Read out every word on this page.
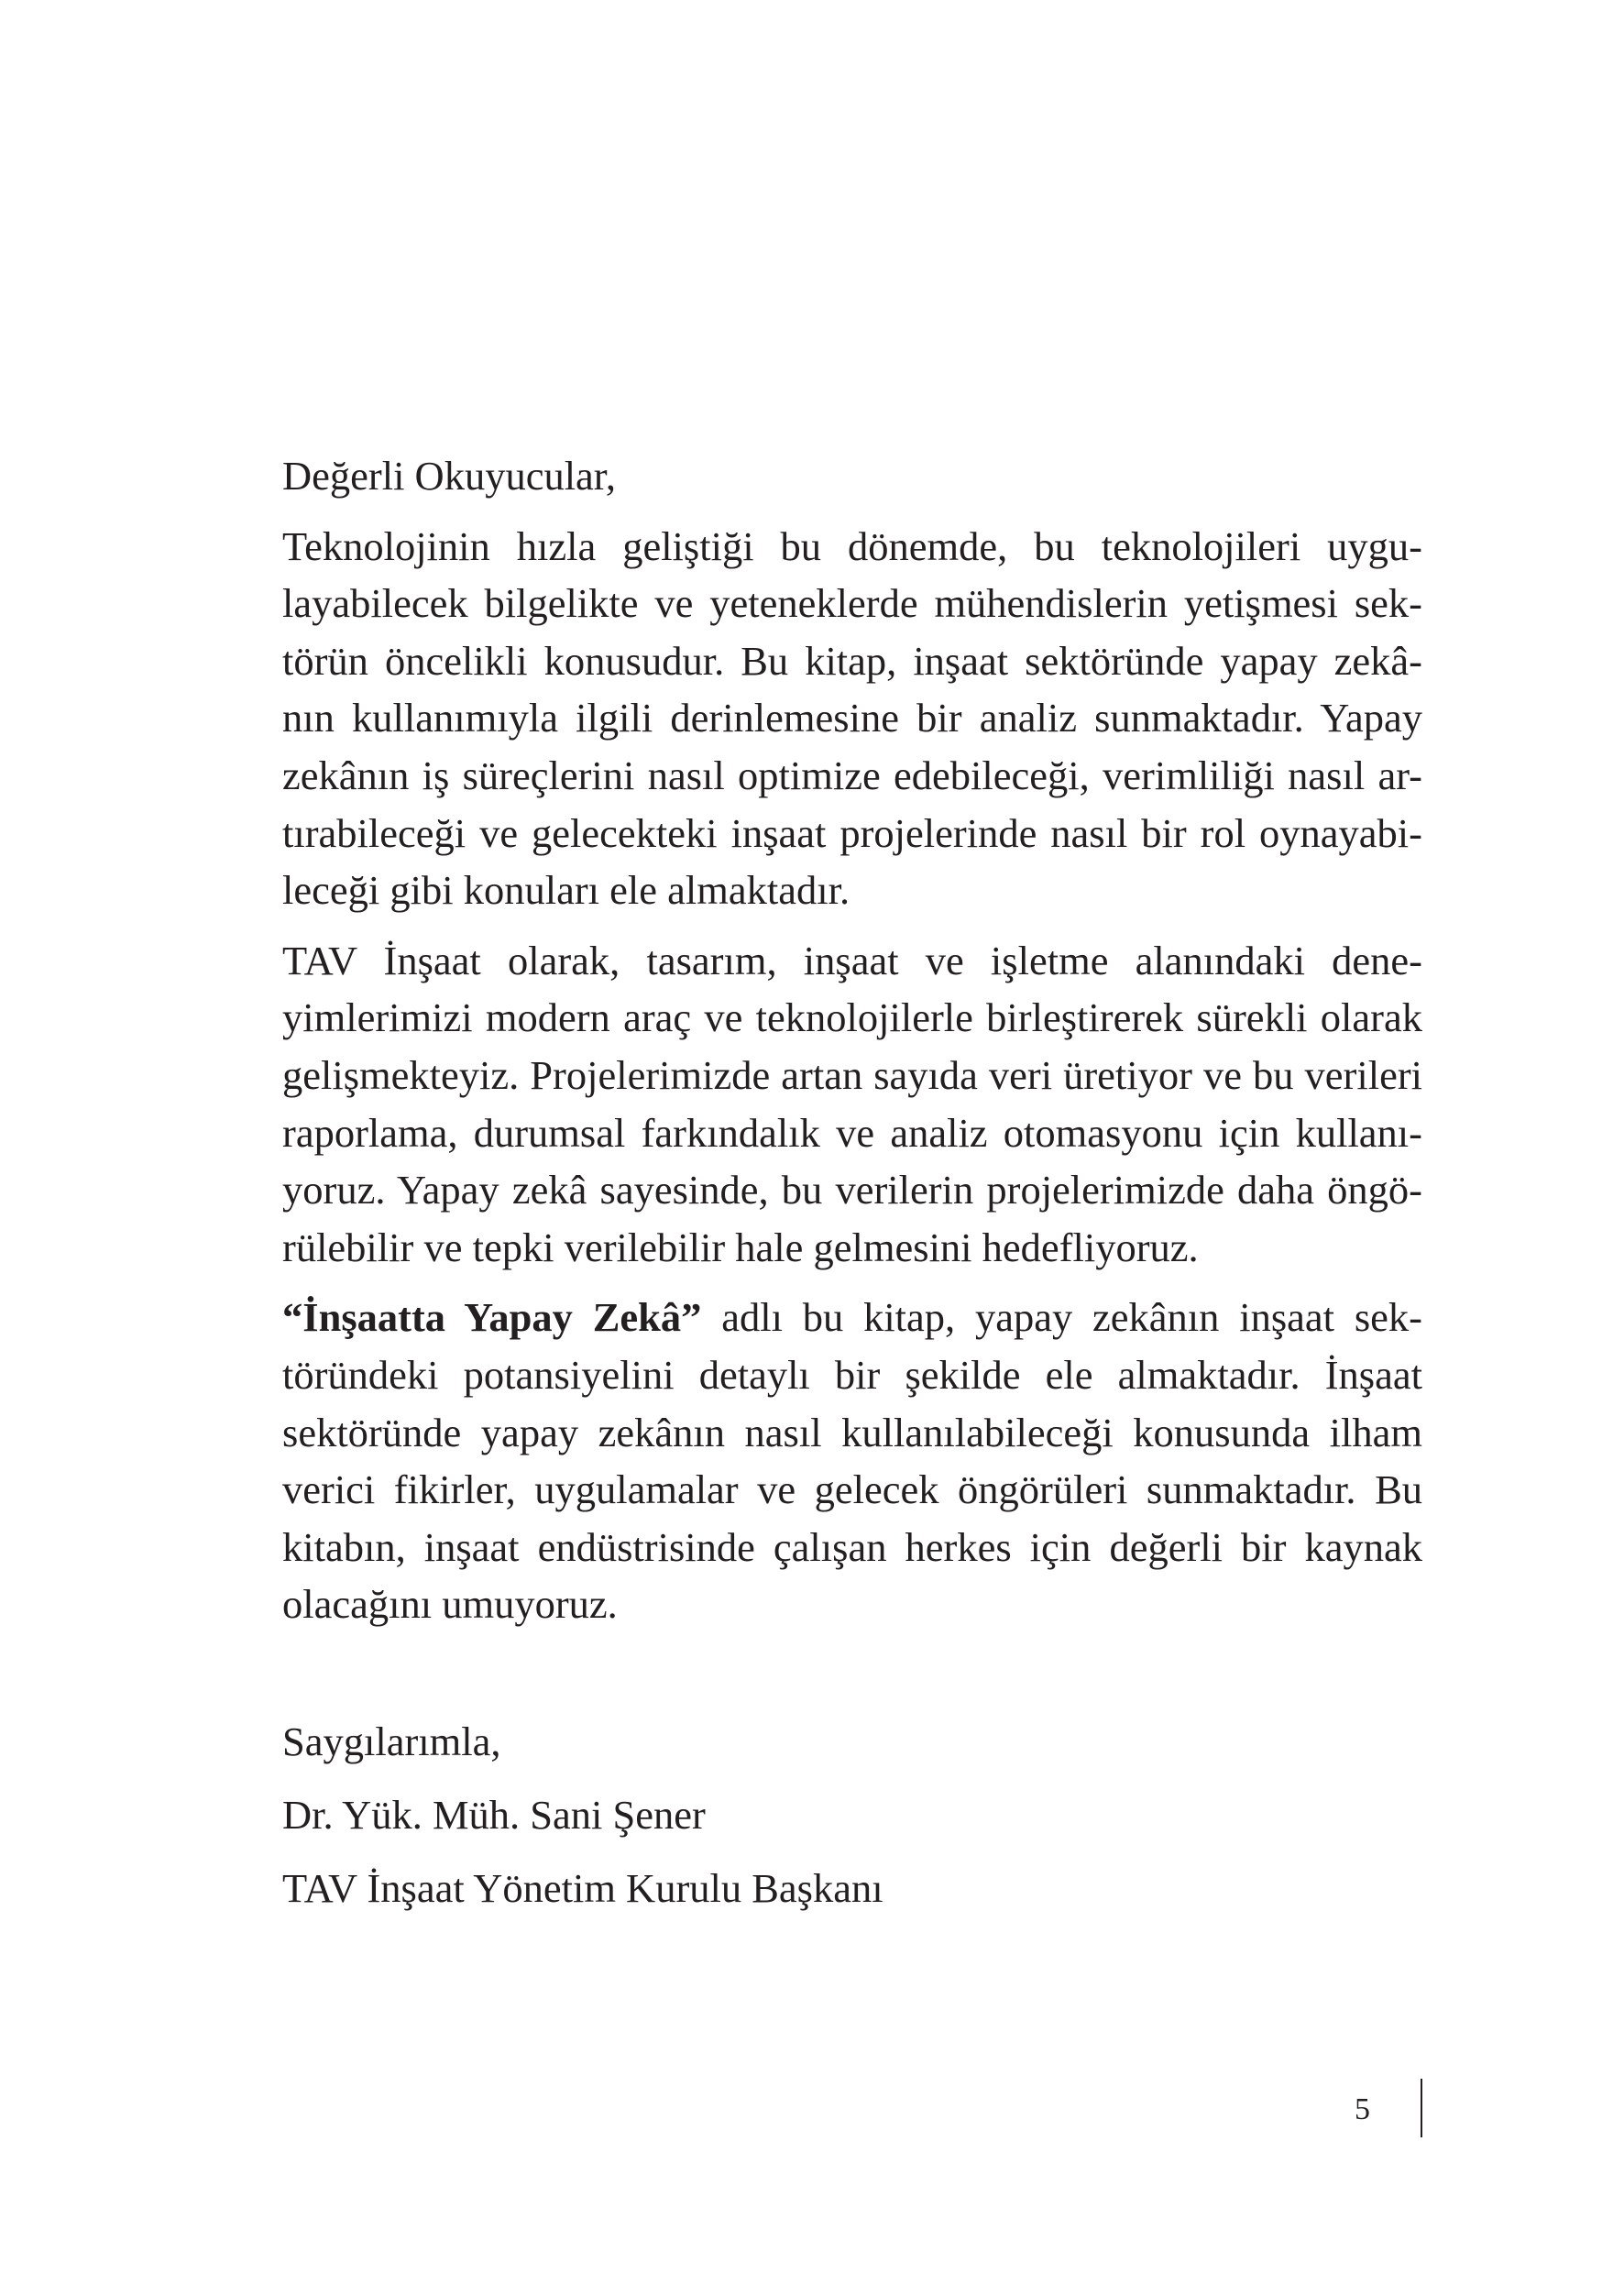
Değerli Okuyucular,
Teknolojinin hızla geliştiği bu dönemde, bu teknolojileri uygu-
layabilecek bilgelikte ve yeteneklerde mühendislerin yetişmesi sek-
törün öncelikli konusudur. Bu kitap, inşaat sektöründe yapay zekâ-
nın kullanımıyla ilgili derinlemesine bir analiz sunmaktadır. Yapay
zekânın iş süreçlerini nasıl optimize edebileceği, verimliliği nasıl ar-
tırabileceği ve gelecekteki inşaat projelerinde nasıl bir rol oynayabi-
leceği gibi konuları ele almaktadır.
TAV İnşaat olarak, tasarım, inşaat ve işletme alanındaki dene-
yimlerimizi modern araç ve teknolojilerle birleştirerek sürekli olarak
gelişmekteyiz. Projelerimizde artan sayıda veri üretiyor ve bu verileri
raporlama, durumsal farkındalık ve analiz otomasyonu için kullanı-
yoruz. Yapay zekâ sayesinde, bu verilerin projelerimizde daha öngö-
rülebilir ve tepki verilebilir hale gelmesini hedefliyoruz.
“İnşaatta Yapay Zekâ” adlı bu kitap, yapay zekânın inşaat sek-
töründeki potansiyelini detaylı bir şekilde ele almaktadır. İnşaat
sektöründe yapay zekânın nasıl kullanılabileceği konusunda ilham
verici fikirler, uygulamalar ve gelecek öngörüleri sunmaktadır. Bu
kitabın, inşaat endüstrisinde çalışan herkes için değerli bir kaynak
olacağını umuyoruz.
Saygılarımla,
Dr. Yük. Müh. Sani Şener
TAV İnşaat Yönetim Kurulu Başkanı
5
